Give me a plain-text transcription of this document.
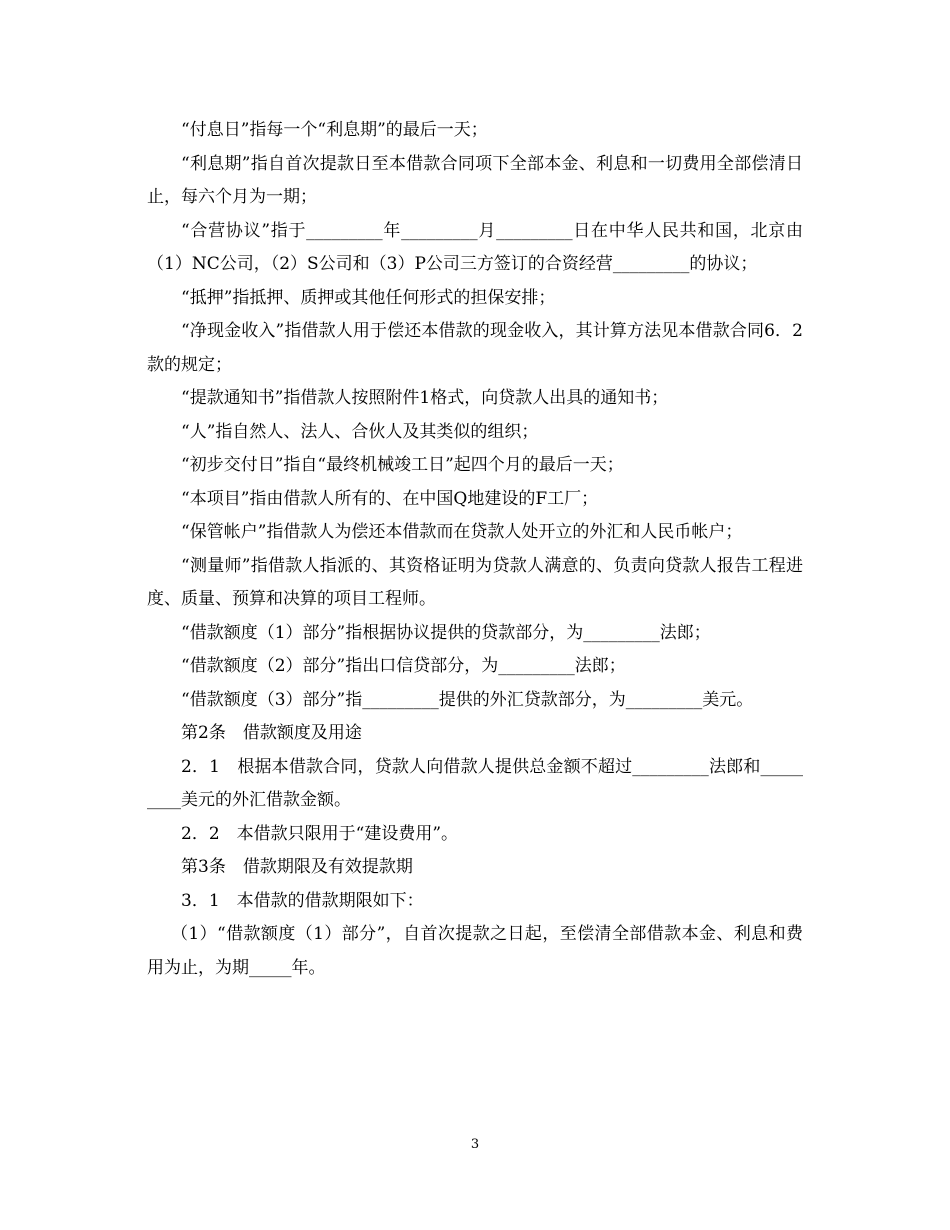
“付息日”指每一个“利息期”的最后一天；

“利息期”指自首次提款日至本借款合同项下全部本金、利息和一切费用全部偿清日止，每六个月为一期；

“合营协议”指于_________年_________月_________日在中华人民共和国，北京由（1）NC公司，（2）S公司和（3）P公司三方签订的合资经营_________的协议；

“抵押”指抵押、质押或其他任何形式的担保安排；

“净现金收入”指借款人用于偿还本借款的现金收入，其计算方法见本借款合同6．2款的规定；

“提款通知书”指借款人按照附件1格式，向贷款人出具的通知书；

“人”指自然人、法人、合伙人及其类似的组织；

“初步交付日”指自“最终机械竣工日”起四个月的最后一天；

“本项目”指由借款人所有的、在中国Q地建设的F工厂；

“保管帐户”指借款人为偿还本借款而在贷款人处开立的外汇和人民币帐户；

“测量师”指借款人指派的、其资格证明为贷款人满意的、负责向贷款人报告工程进度、质量、预算和决算的项目工程师。

“借款额度（1）部分”指根据协议提供的贷款部分，为_________法郎；

“借款额度（2）部分”指出口信贷部分，为_________法郎；

“借款额度（3）部分”指_________提供的外汇贷款部分，为_________美元。

第2条　借款额度及用途

2．1　根据本借款合同，贷款人向借款人提供总金额不超过_________法郎和_________美元的外汇借款金额。

2．2　本借款只限用于“建设费用”。

第3条　借款期限及有效提款期

3．1　本借款的借款期限如下：

（1）“借款额度（1）部分”，自首次提款之日起，至偿清全部借款本金、利息和费用为止，为期_____年。

3
